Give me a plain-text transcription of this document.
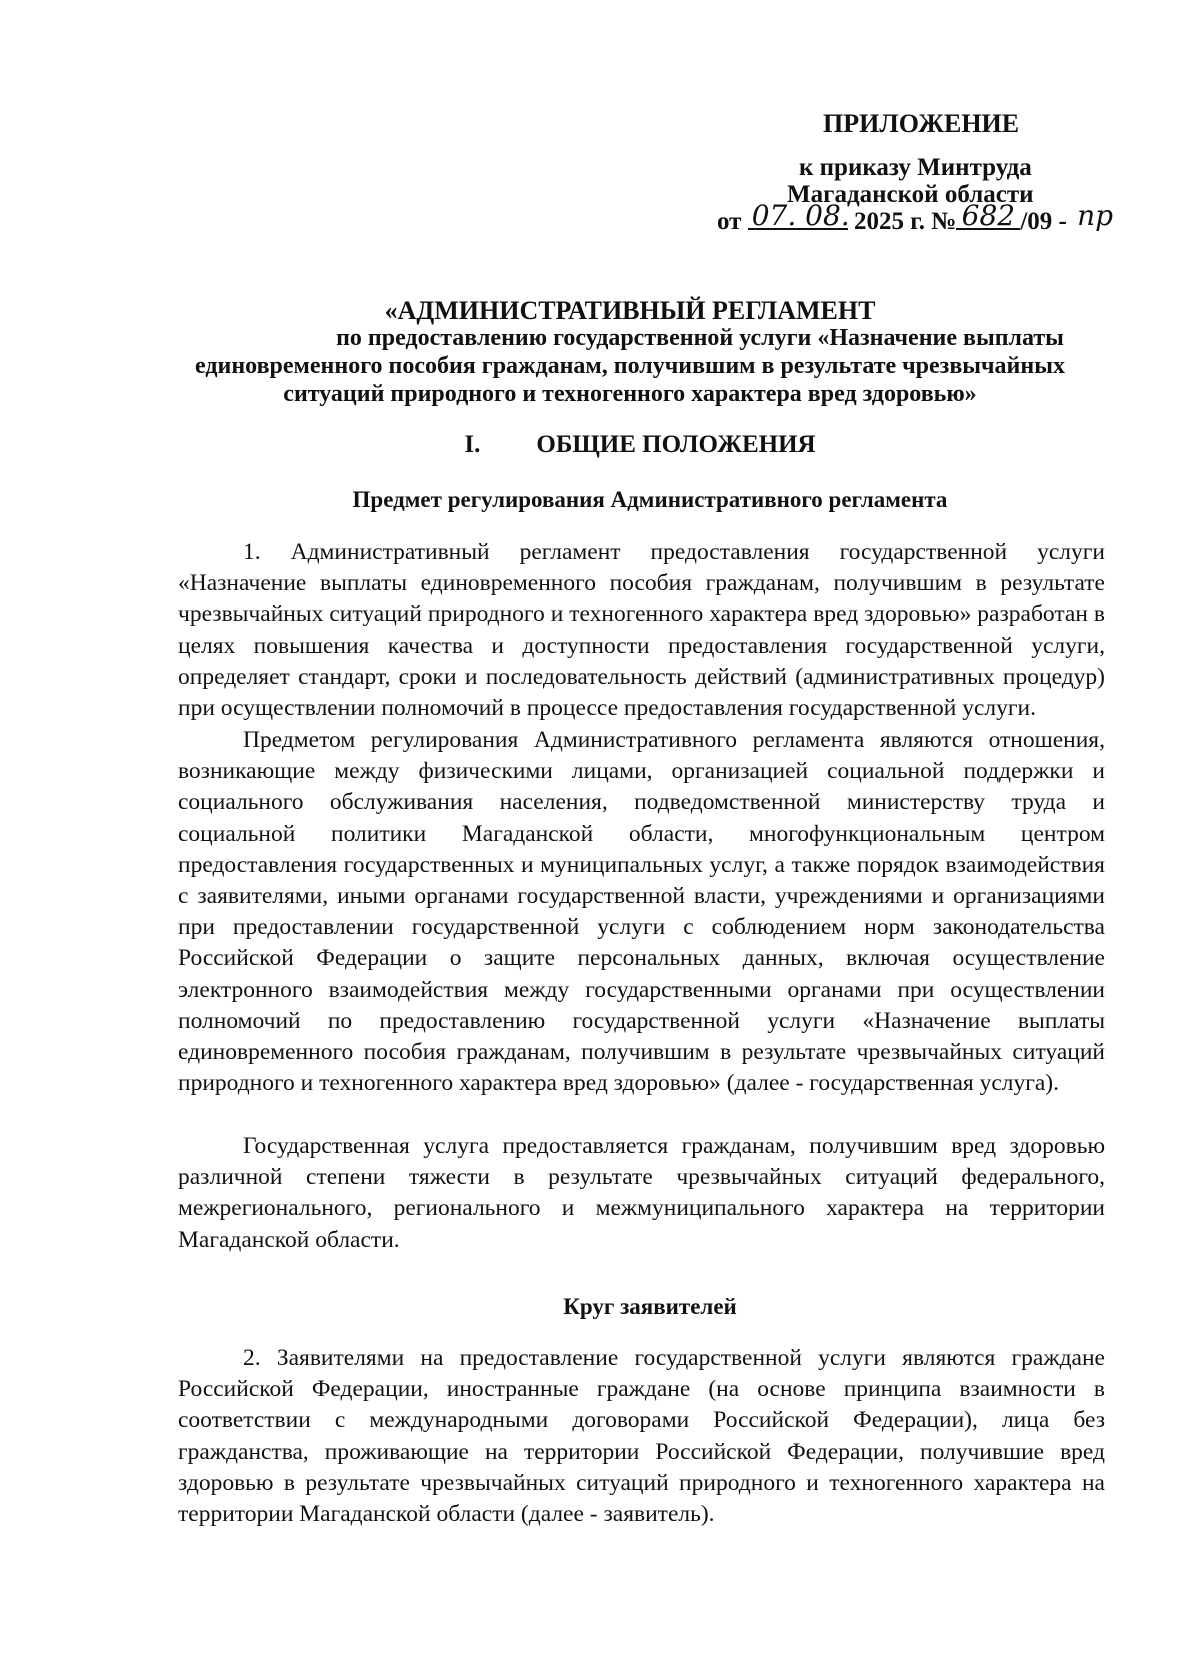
ПРИЛОЖЕНИЕ
к приказу Минтруда
Магаданской области
от 07. 08. 2025 г. № 682 /09 - пр
«АДМИНИСТРАТИВНЫЙ РЕГЛАМЕНТ
по предоставлению государственной услуги «Назначение выплаты
единовременного пособия гражданам, получившим в результате чрезвычайных
ситуаций природного и техногенного характера вред здоровью»
I. ОБЩИЕ ПОЛОЖЕНИЯ
Предмет регулирования Административного регламента

1. Административный регламент предоставления государственной услуги «Назначение выплаты единовременного пособия гражданам, получившим в результате чрезвычайных ситуаций природного и техногенного характера вред здоровью» разработан в целях повышения качества и доступности предоставления государственной услуги, определяет стандарт, сроки и последовательность действий (административных процедур) при осуществлении полномочий в процессе предоставления государственной услуги.

Предметом регулирования Административного регламента являются отношения, возникающие между физическими лицами, организацией социальной поддержки и социального обслуживания населения, подведомственной министерству труда и социальной политики Магаданской области, многофункциональным центром предоставления государственных и муниципальных услуг, а также порядок взаимодействия с заявителями, иными органами государственной власти, учреждениями и организациями при предоставлении государственной услуги с соблюдением норм законодательства Российской Федерации о защите персональных данных, включая осуществление электронного взаимодействия между государственными органами при осуществлении полномочий по предоставлению государственной услуги «Назначение выплаты единовременного пособия гражданам, получившим в результате чрезвычайных ситуаций природного и техногенного характера вред здоровью» (далее - государственная услуга).

Государственная услуга предоставляется гражданам, получившим вред здоровью различной степени тяжести в результате чрезвычайных ситуаций федерального, межрегионального, регионального и межмуниципального характера на территории Магаданской области.

Круг заявителей

2. Заявителями на предоставление государственной услуги являются граждане Российской Федерации, иностранные граждане (на основе принципа взаимности в соответствии с международными договорами Российской Федерации), лица без гражданства, проживающие на территории Российской Федерации, получившие вред здоровью в результате чрезвычайных ситуаций природного и техногенного характера на территории Магаданской области (далее - заявитель).
